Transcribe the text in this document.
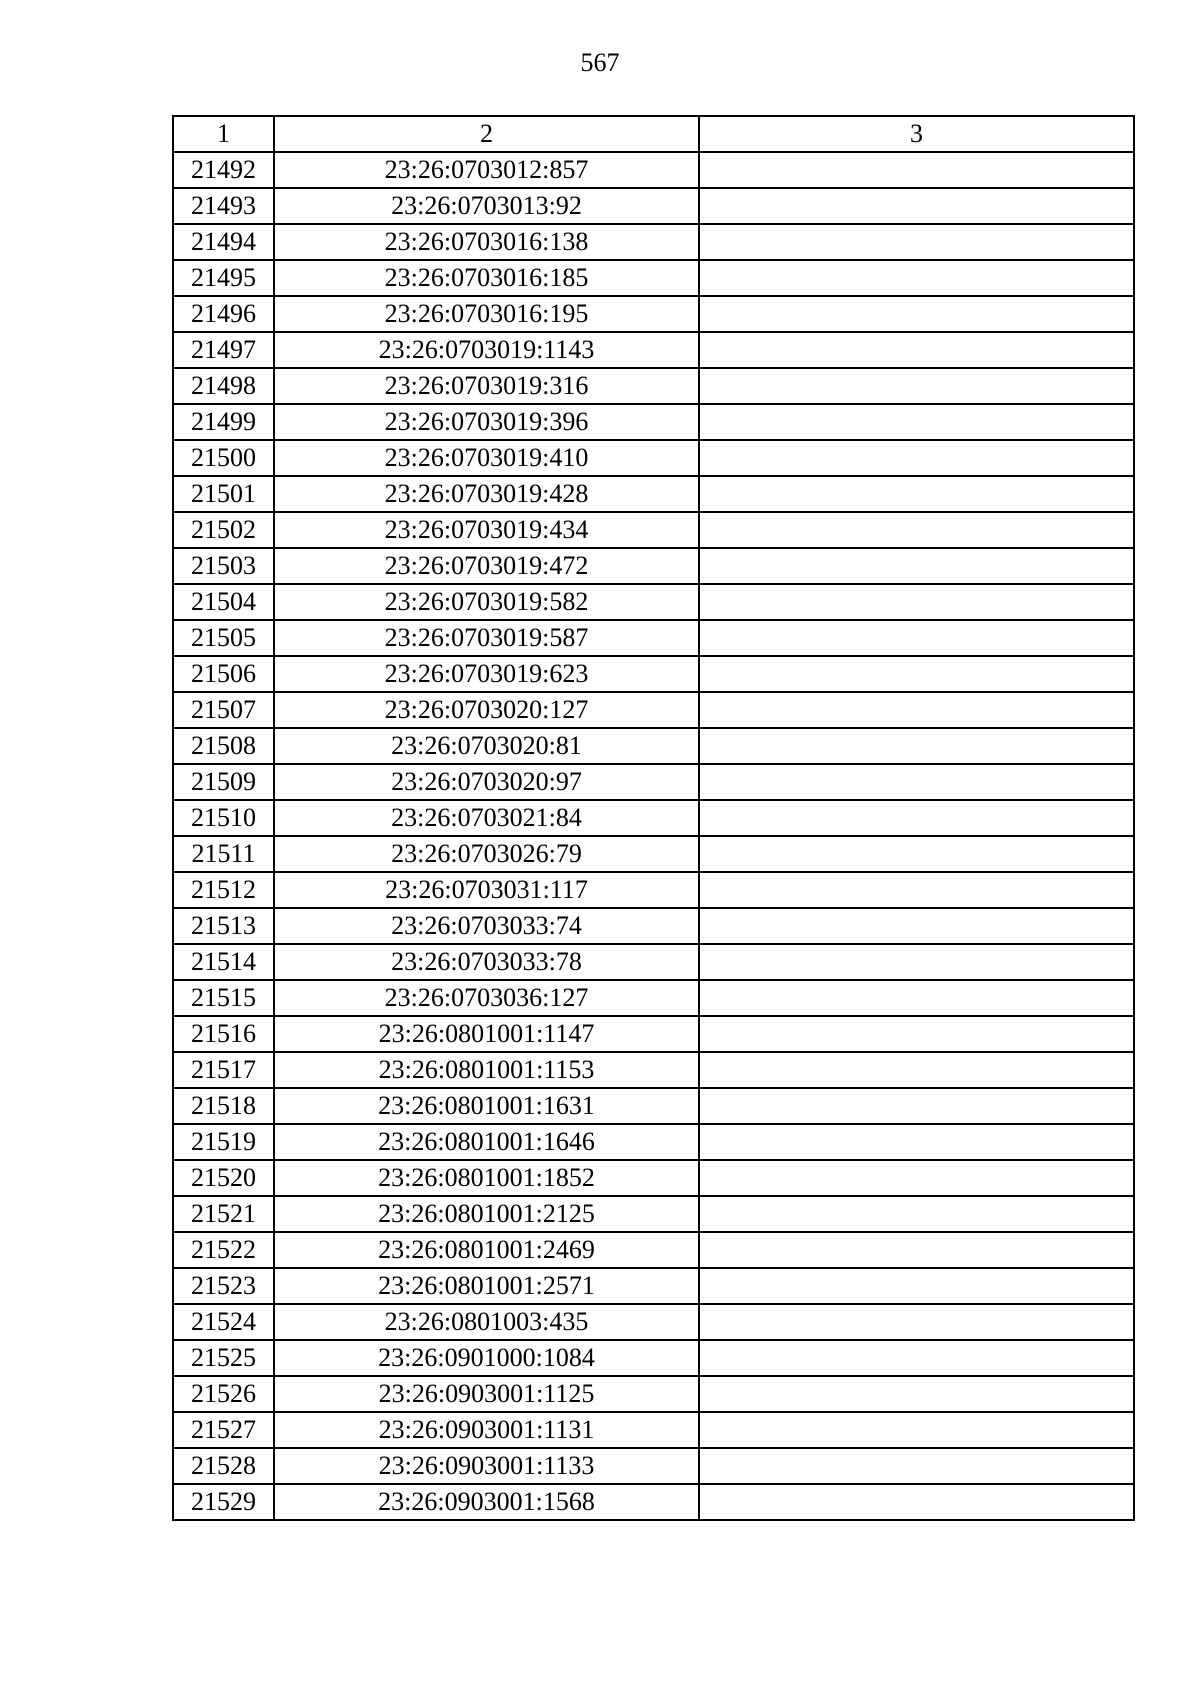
567
1	2	3
21492	23:26:0703012:857	
21493	23:26:0703013:92	
21494	23:26:0703016:138	
21495	23:26:0703016:185	
21496	23:26:0703016:195	
21497	23:26:0703019:1143	
21498	23:26:0703019:316	
21499	23:26:0703019:396	
21500	23:26:0703019:410	
21501	23:26:0703019:428	
21502	23:26:0703019:434	
21503	23:26:0703019:472	
21504	23:26:0703019:582	
21505	23:26:0703019:587	
21506	23:26:0703019:623	
21507	23:26:0703020:127	
21508	23:26:0703020:81	
21509	23:26:0703020:97	
21510	23:26:0703021:84	
21511	23:26:0703026:79	
21512	23:26:0703031:117	
21513	23:26:0703033:74	
21514	23:26:0703033:78	
21515	23:26:0703036:127	
21516	23:26:0801001:1147	
21517	23:26:0801001:1153	
21518	23:26:0801001:1631	
21519	23:26:0801001:1646	
21520	23:26:0801001:1852	
21521	23:26:0801001:2125	
21522	23:26:0801001:2469	
21523	23:26:0801001:2571	
21524	23:26:0801003:435	
21525	23:26:0901000:1084	
21526	23:26:0903001:1125	
21527	23:26:0903001:1131	
21528	23:26:0903001:1133	
21529	23:26:0903001:1568	
